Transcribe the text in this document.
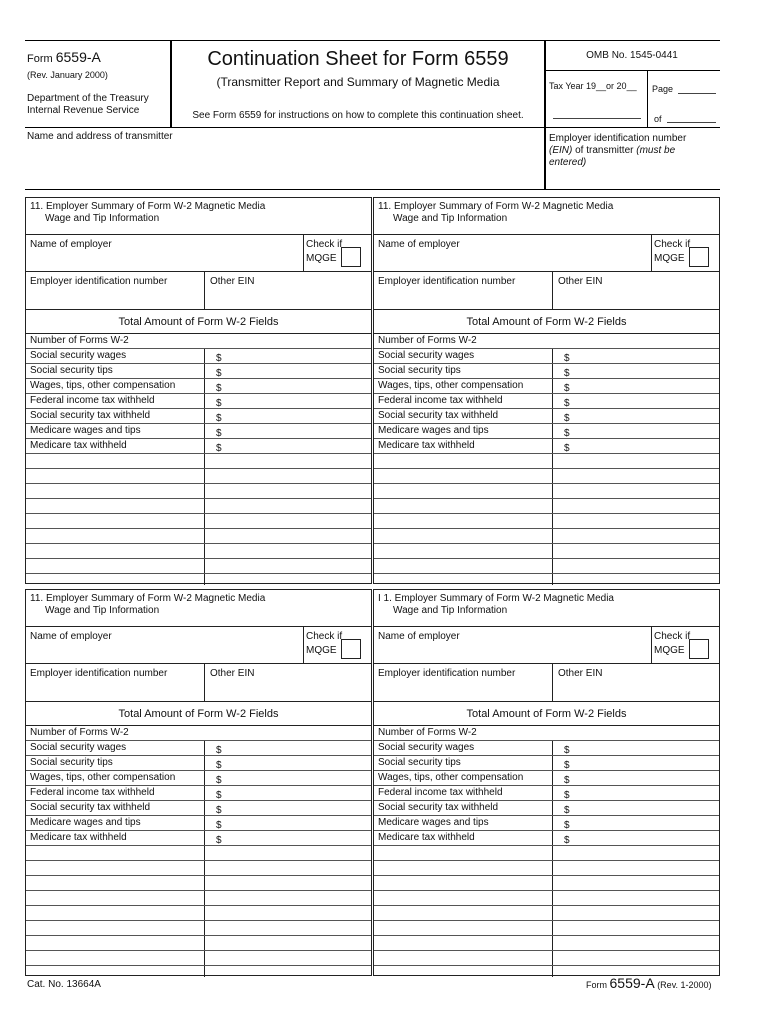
Form 6559-A
(Rev. January 2000)
Department of the Treasury
Internal Revenue Service
Continuation Sheet for Form 6559
(Transmitter Report and Summary of Magnetic Media
See Form 6559 for instructions on how to complete this continuation sheet.
OMB No. 1545-0441
Tax Year 19__or 20__ Page
of
Name and address of transmitter	Employer identification number
(EIN) of transmitter (must be
entered)
11. Employer Summary of Form W-2 Magnetic Media
Wage and Tip Information
Name of employer	Check if
MQGE
Employer identification number	Other EIN
Total Amount of Form W-2 Fields
Number of Forms W-2
Social security wages	$
Social security tips	$
Wages, tips, other compensation	$
Federal income tax withheld	$
Social security tax withheld	$
Medicare wages and tips	$
Medicare tax withheld	$
11. Employer Summary of Form W-2 Magnetic Media
Wage and Tip Information
Name of employer	Check if
MQGE
Employer identification number	Other EIN
Total Amount of Form W-2 Fields
Number of Forms W-2
Social security wages	$
Social security tips	$
Wages, tips, other compensation	$
Federal income tax withheld	$
Social security tax withheld	$
Medicare wages and tips	$
Medicare tax withheld	$
11. Employer Summary of Form W-2 Magnetic Media
Wage and Tip Information
Name of employer	Check if
MQGE
Employer identification number	Other EIN
Total Amount of Form W-2 Fields
Number of Forms W-2
Social security wages	$
Social security tips	$
Wages, tips, other compensation	$
Federal income tax withheld	$
Social security tax withheld	$
Medicare wages and tips	$
Medicare tax withheld	$
I 1. Employer Summary of Form W-2 Magnetic Media
Wage and Tip Information
Name of employer	Check if
MQGE
Employer identification number	Other EIN
Total Amount of Form W-2 Fields
Number of Forms W-2
Social security wages	$
Social security tips	$
Wages, tips, other compensation	$
Federal income tax withheld	$
Social security tax withheld	$
Medicare wages and tips	$
Medicare tax withheld	$
Cat. No. 13664A	Form 6559-A (Rev. 1-2000)
